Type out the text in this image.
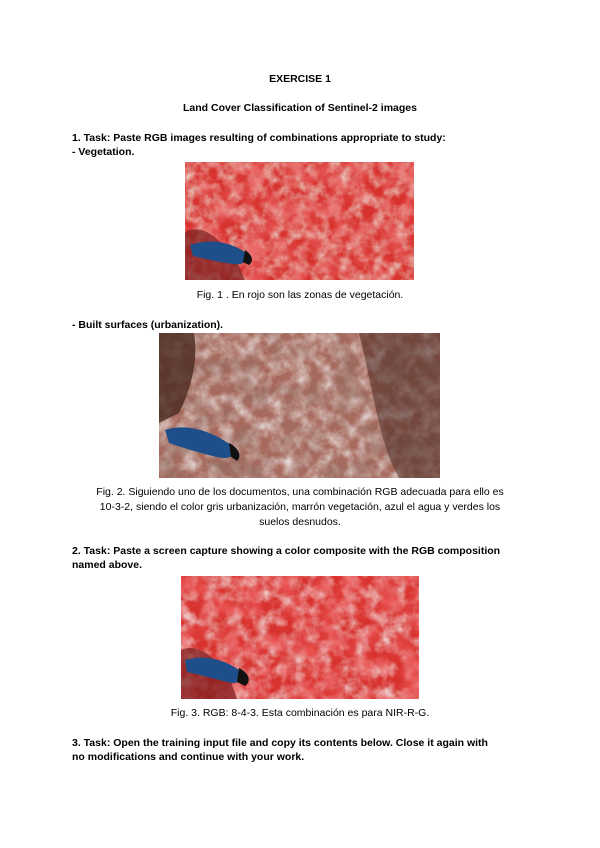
EXERCISE 1
Land Cover Classification of Sentinel-2 images
1. Task: Paste RGB images resulting of combinations appropriate to study:
- Vegetation.
Fig. 1 . En rojo son las zonas de vegetación.
- Built surfaces (urbanization).
Fig. 2. Siguiendo uno de los documentos, una combinación RGB adecuada para ello es
10-3-2, siendo el color gris urbanización, marrón vegetación, azul el agua y verdes los
suelos desnudos.
2. Task: Paste a screen capture showing a color composite with the RGB composition
named above.
Fig. 3. RGB: 8-4-3. Esta combinación es para NIR-R-G.
3. Task: Open the training input file and copy its contents below. Close it again with
no modifications and continue with your work.
